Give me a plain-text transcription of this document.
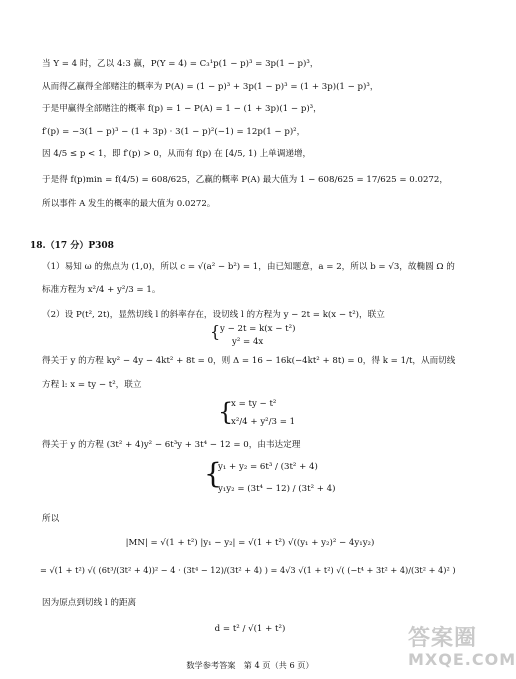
当 Y = 4 时，乙以 4:3 赢，P(Y = 4) = C₃¹p(1 − p)³ = 3p(1 − p)³，
从而得乙赢得全部赌注的概率为 P(A) = (1 − p)³ + 3p(1 − p)³ = (1 + 3p)(1 − p)³，
于是甲赢得全部赌注的概率 f(p) = 1 − P(A) = 1 − (1 + 3p)(1 − p)³，
f′(p) = −3(1 − p)³ − (1 + 3p) · 3(1 − p)²(−1) = 12p(1 − p)²，
因 4/5 ≤ p < 1，即 f′(p) > 0，从而有 f(p) 在 [4/5, 1) 上单调递增，
于是得 f(p)min = f(4/5) = 608/625，乙赢的概率 P(A) 最大值为 1 − 608/625 = 17/625 = 0.0272，
所以事件 A 发生的概率的最大值为 0.0272。
18.（17 分）P308
（1）易知 ω 的焦点为 (1,0)，所以 c = √(a² − b²) = 1，由已知题意，a = 2，所以 b = √3，故椭圆 Ω 的
标准方程为 x²/4 + y²/3 = 1。
（2）设 P(t², 2t)，显然切线 l 的斜率存在，设切线 l 的方程为 y − 2t = k(x − t²)，联立
{ y − 2t = k(x − t²)
y² = 4x
得关于 y 的方程 ky² − 4y − 4kt² + 8t = 0，则 Δ = 16 − 16k(−4kt² + 8t) = 0，得 k = 1/t，从而切线
方程 l: x = ty − t²，联立
{
x = ty − t²
x²/4 + y²/3 = 1
得关于 y 的方程 (3t² + 4)y² − 6t³y + 3t⁴ − 12 = 0，由韦达定理
{
y₁ + y₂ = 6t³ / (3t² + 4)
y₁y₂ = (3t⁴ − 12) / (3t² + 4)
所以
|MN| = √(1 + t²) |y₁ − y₂| = √(1 + t²) √((y₁ + y₂)² − 4y₁y₂)
= √(1 + t²) √( (6t³/(3t² + 4))² − 4 · (3t⁴ − 12)/(3t² + 4) ) = 4√3 √(1 + t²) √( (−t⁴ + 3t² + 4)/(3t² + 4)² )
因为原点到切线 l 的距离
d = t² / √(1 + t²)
数学参考答案　第 4 页（共 6 页）
答案圈
MXQE.COM
